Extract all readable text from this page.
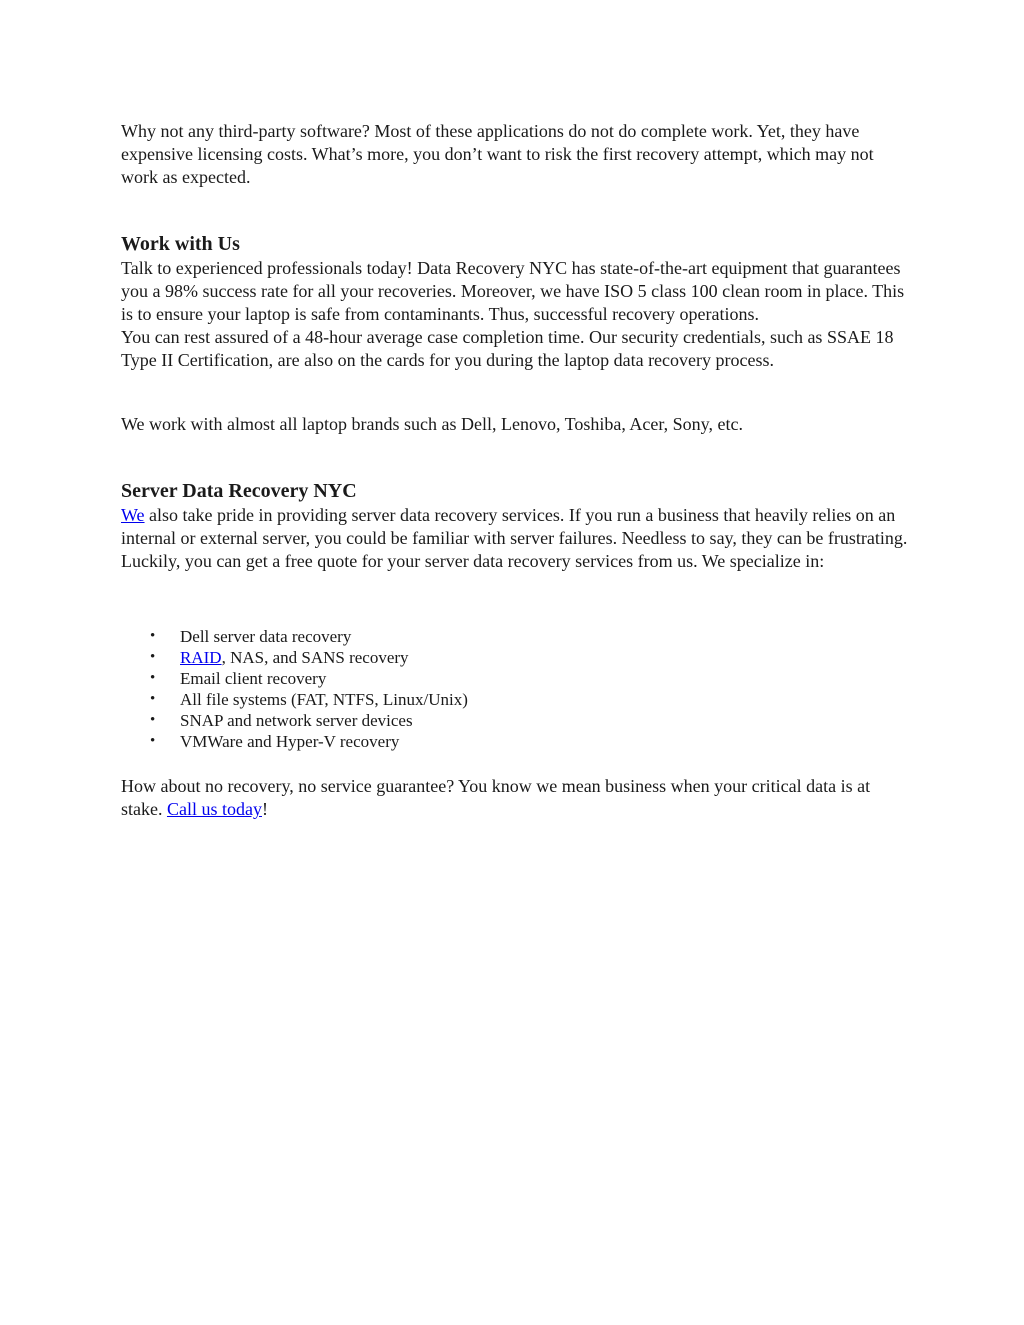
Why not any third-party software? Most of these applications do not do complete work. Yet, they have expensive licensing costs. What’s more, you don’t want to risk the first recovery attempt, which may not work as expected.

Work with Us

Talk to experienced professionals today! Data Recovery NYC has state-of-the-art equipment that guarantees you a 98% success rate for all your recoveries. Moreover, we have ISO 5 class 100 clean room in place. This is to ensure your laptop is safe from contaminants. Thus, successful recovery operations.

You can rest assured of a 48-hour average case completion time. Our security credentials, such as SSAE 18 Type II Certification, are also on the cards for you during the laptop data recovery process.

We work with almost all laptop brands such as Dell, Lenovo, Toshiba, Acer, Sony, etc.

Server Data Recovery NYC

We also take pride in providing server data recovery services. If you run a business that heavily relies on an internal or external server, you could be familiar with server failures. Needless to say, they can be frustrating.

Luckily, you can get a free quote for your server data recovery services from us. We specialize in:

• Dell server data recovery
• RAID, NAS, and SANS recovery
• Email client recovery
• All file systems (FAT, NTFS, Linux/Unix)
• SNAP and network server devices
• VMWare and Hyper-V recovery

How about no recovery, no service guarantee? You know we mean business when your critical data is at stake. Call us today!
